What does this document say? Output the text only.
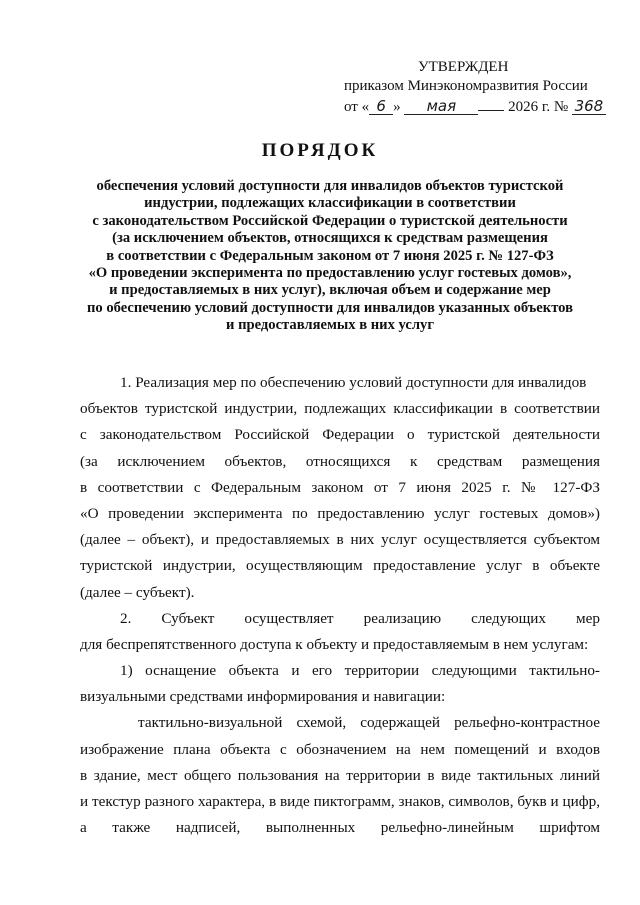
УТВЕРЖДЕН
приказом Минэкономразвития России
от « 6 » мая	2026 г. № 368
ПОРЯДОК
обеспечения условий доступности для инвалидов объектов туристской
индустрии, подлежащих классификации в соответствии
с законодательством Российской Федерации о туристской деятельности
(за исключением объектов, относящихся к средствам размещения
в соответствии с Федеральным законом от 7 июня 2025 г. № 127-ФЗ
«О проведении эксперимента по предоставлению услуг гостевых домов»,
и предоставляемых в них услуг), включая объем и содержание мер
по обеспечению условий доступности для инвалидов указанных объектов
и предоставляемых в них услуг
1. Реализация мер по обеспечению условий доступности для инвалидов
объектов туристской индустрии, подлежащих классификации в соответствии
с законодательством Российской Федерации о туристской деятельности
(за исключением объектов, относящихся к средствам размещения
в соответствии с Федеральным законом от 7 июня 2025 г. № 127-ФЗ
«О проведении эксперимента по предоставлению услуг гостевых домов»)
(далее – объект), и предоставляемых в них услуг осуществляется субъектом
туристской индустрии, осуществляющим предоставление услуг в объекте
(далее – субъект).
2. Субъект осуществляет реализацию следующих мер
для беспрепятственного доступа к объекту и предоставляемым в нем услугам:
1) оснащение объекта и его территории следующими тактильно-
визуальными средствами информирования и навигации:
тактильно-визуальной схемой, содержащей рельефно-контрастное
изображение плана объекта с обозначением на нем помещений и входов
в здание, мест общего пользования на территории в виде тактильных линий
и текстур разного характера, в виде пиктограмм, знаков, символов, букв и цифр,
а также надписей, выполненных рельефно-линейным шрифтом
